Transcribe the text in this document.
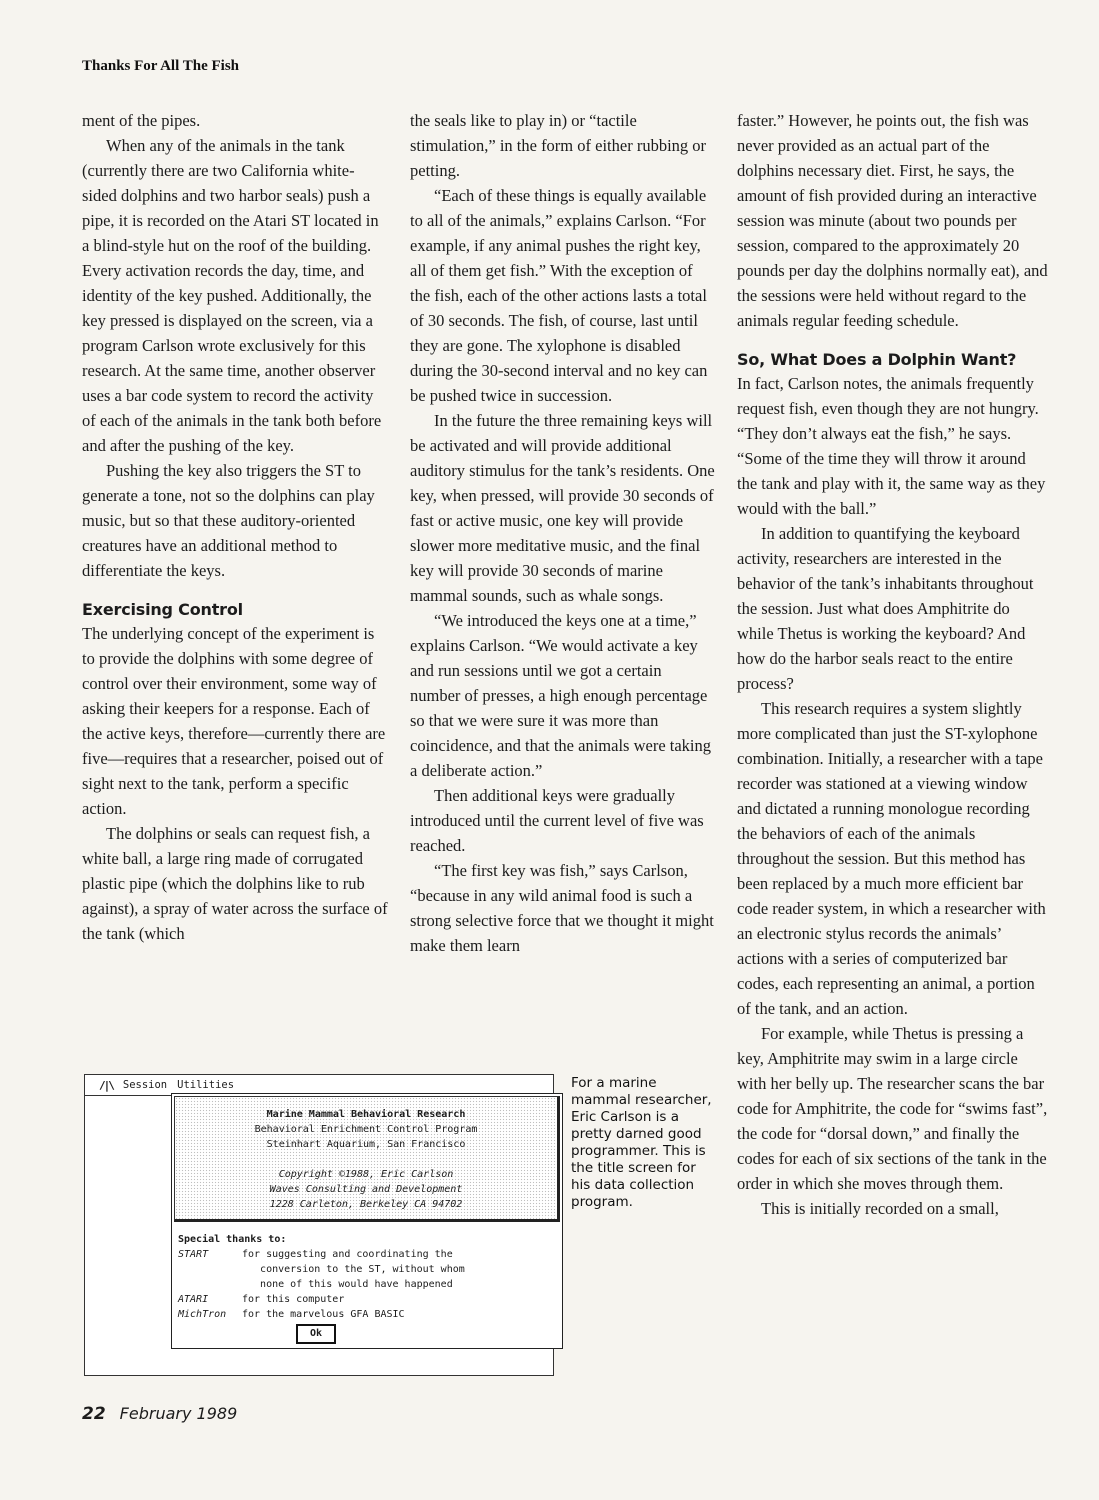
Thanks For All The Fish

ment of the pipes.

When any of the animals in the tank (currently there are two California white-sided dolphins and two harbor seals) push a pipe, it is recorded on the Atari ST located in a blind-style hut on the roof of the building. Every activation records the day, time, and identity of the key pushed. Additionally, the key pressed is displayed on the screen, via a program Carlson wrote exclusively for this research. At the same time, another observer uses a bar code system to record the activity of each of the animals in the tank both before and after the pushing of the key.

Pushing the key also triggers the ST to generate a tone, not so the dolphins can play music, but so that these auditory-oriented creatures have an additional method to differentiate the keys.

Exercising Control

The underlying concept of the experiment is to provide the dolphins with some degree of control over their environment, some way of asking their keepers for a response. Each of the active keys, therefore—currently there are five—requires that a researcher, poised out of sight next to the tank, perform a specific action.

The dolphins or seals can request fish, a white ball, a large ring made of corrugated plastic pipe (which the dolphins like to rub against), a spray of water across the surface of the tank (which

the seals like to play in) or “tactile stimulation,” in the form of either rubbing or petting.

“Each of these things is equally available to all of the animals,” explains Carlson. “For example, if any animal pushes the right key, all of them get fish.” With the exception of the fish, each of the other actions lasts a total of 30 seconds. The fish, of course, last until they are gone. The xylophone is disabled during the 30-second interval and no key can be pushed twice in succession.

In the future the three remaining keys will be activated and will provide additional auditory stimulus for the tank’s residents. One key, when pressed, will provide 30 seconds of fast or active music, one key will provide slower more meditative music, and the final key will provide 30 seconds of marine mammal sounds, such as whale songs.

“We introduced the keys one at a time,” explains Carlson. “We would activate a key and run sessions until we got a certain number of presses, a high enough percentage so that we were sure it was more than coincidence, and that the animals were taking a deliberate action.”

Then additional keys were gradually introduced until the current level of five was reached.

“The first key was fish,” says Carlson, “because in any wild animal food is such a strong selective force that we thought it might make them learn

faster.” However, he points out, the fish was never provided as an actual part of the dolphins necessary diet. First, he says, the amount of fish provided during an interactive session was minute (about two pounds per session, compared to the approximately 20 pounds per day the dolphins normally eat), and the sessions were held without regard to the animals regular feeding schedule.

So, What Does a Dolphin Want?

In fact, Carlson notes, the animals frequently request fish, even though they are not hungry. “They don’t always eat the fish,” he says. “Some of the time they will throw it around the tank and play with it, the same way as they would with the ball.”

In addition to quantifying the keyboard activity, researchers are interested in the behavior of the tank’s inhabitants throughout the session. Just what does Amphitrite do while Thetus is working the keyboard? And how do the harbor seals react to the entire process?

This research requires a system slightly more complicated than just the ST-xylophone combination. Initially, a researcher with a tape recorder was stationed at a viewing window and dictated a running monologue recording the behaviors of each of the animals throughout the session. But this method has been replaced by a much more efficient bar code reader system, in which a researcher with an electronic stylus records the animals’ actions with a series of computerized bar codes, each representing an animal, a portion of the tank, and an action.

For example, while Thetus is pressing a key, Amphitrite may swim in a large circle with her belly up. The researcher scans the bar code for Amphitrite, the code for “swims fast”, the code for “dorsal down,” and finally the codes for each of six sections of the tank in the order in which she moves through them.

This is initially recorded on a small,

/|\ Session Utilities
Marine Mammal Behavioral Research
Behavioral Enrichment Control Program
Steinhart Aquarium, San Francisco
Copyright ©1988, Eric Carlson
Waves Consulting and Development
1228 Carleton, Berkeley CA 94702
Special thanks to:
START	for suggesting and coordinating the
conversion to the ST, without whom
none of this would have happened
ATARI	for this computer
MichTron	for the marvelous GFA BASIC
Ok
For a marine mammal researcher, Eric Carlson is a pretty darned good programmer. This is the title screen for his data collection program.
22 February 1989
